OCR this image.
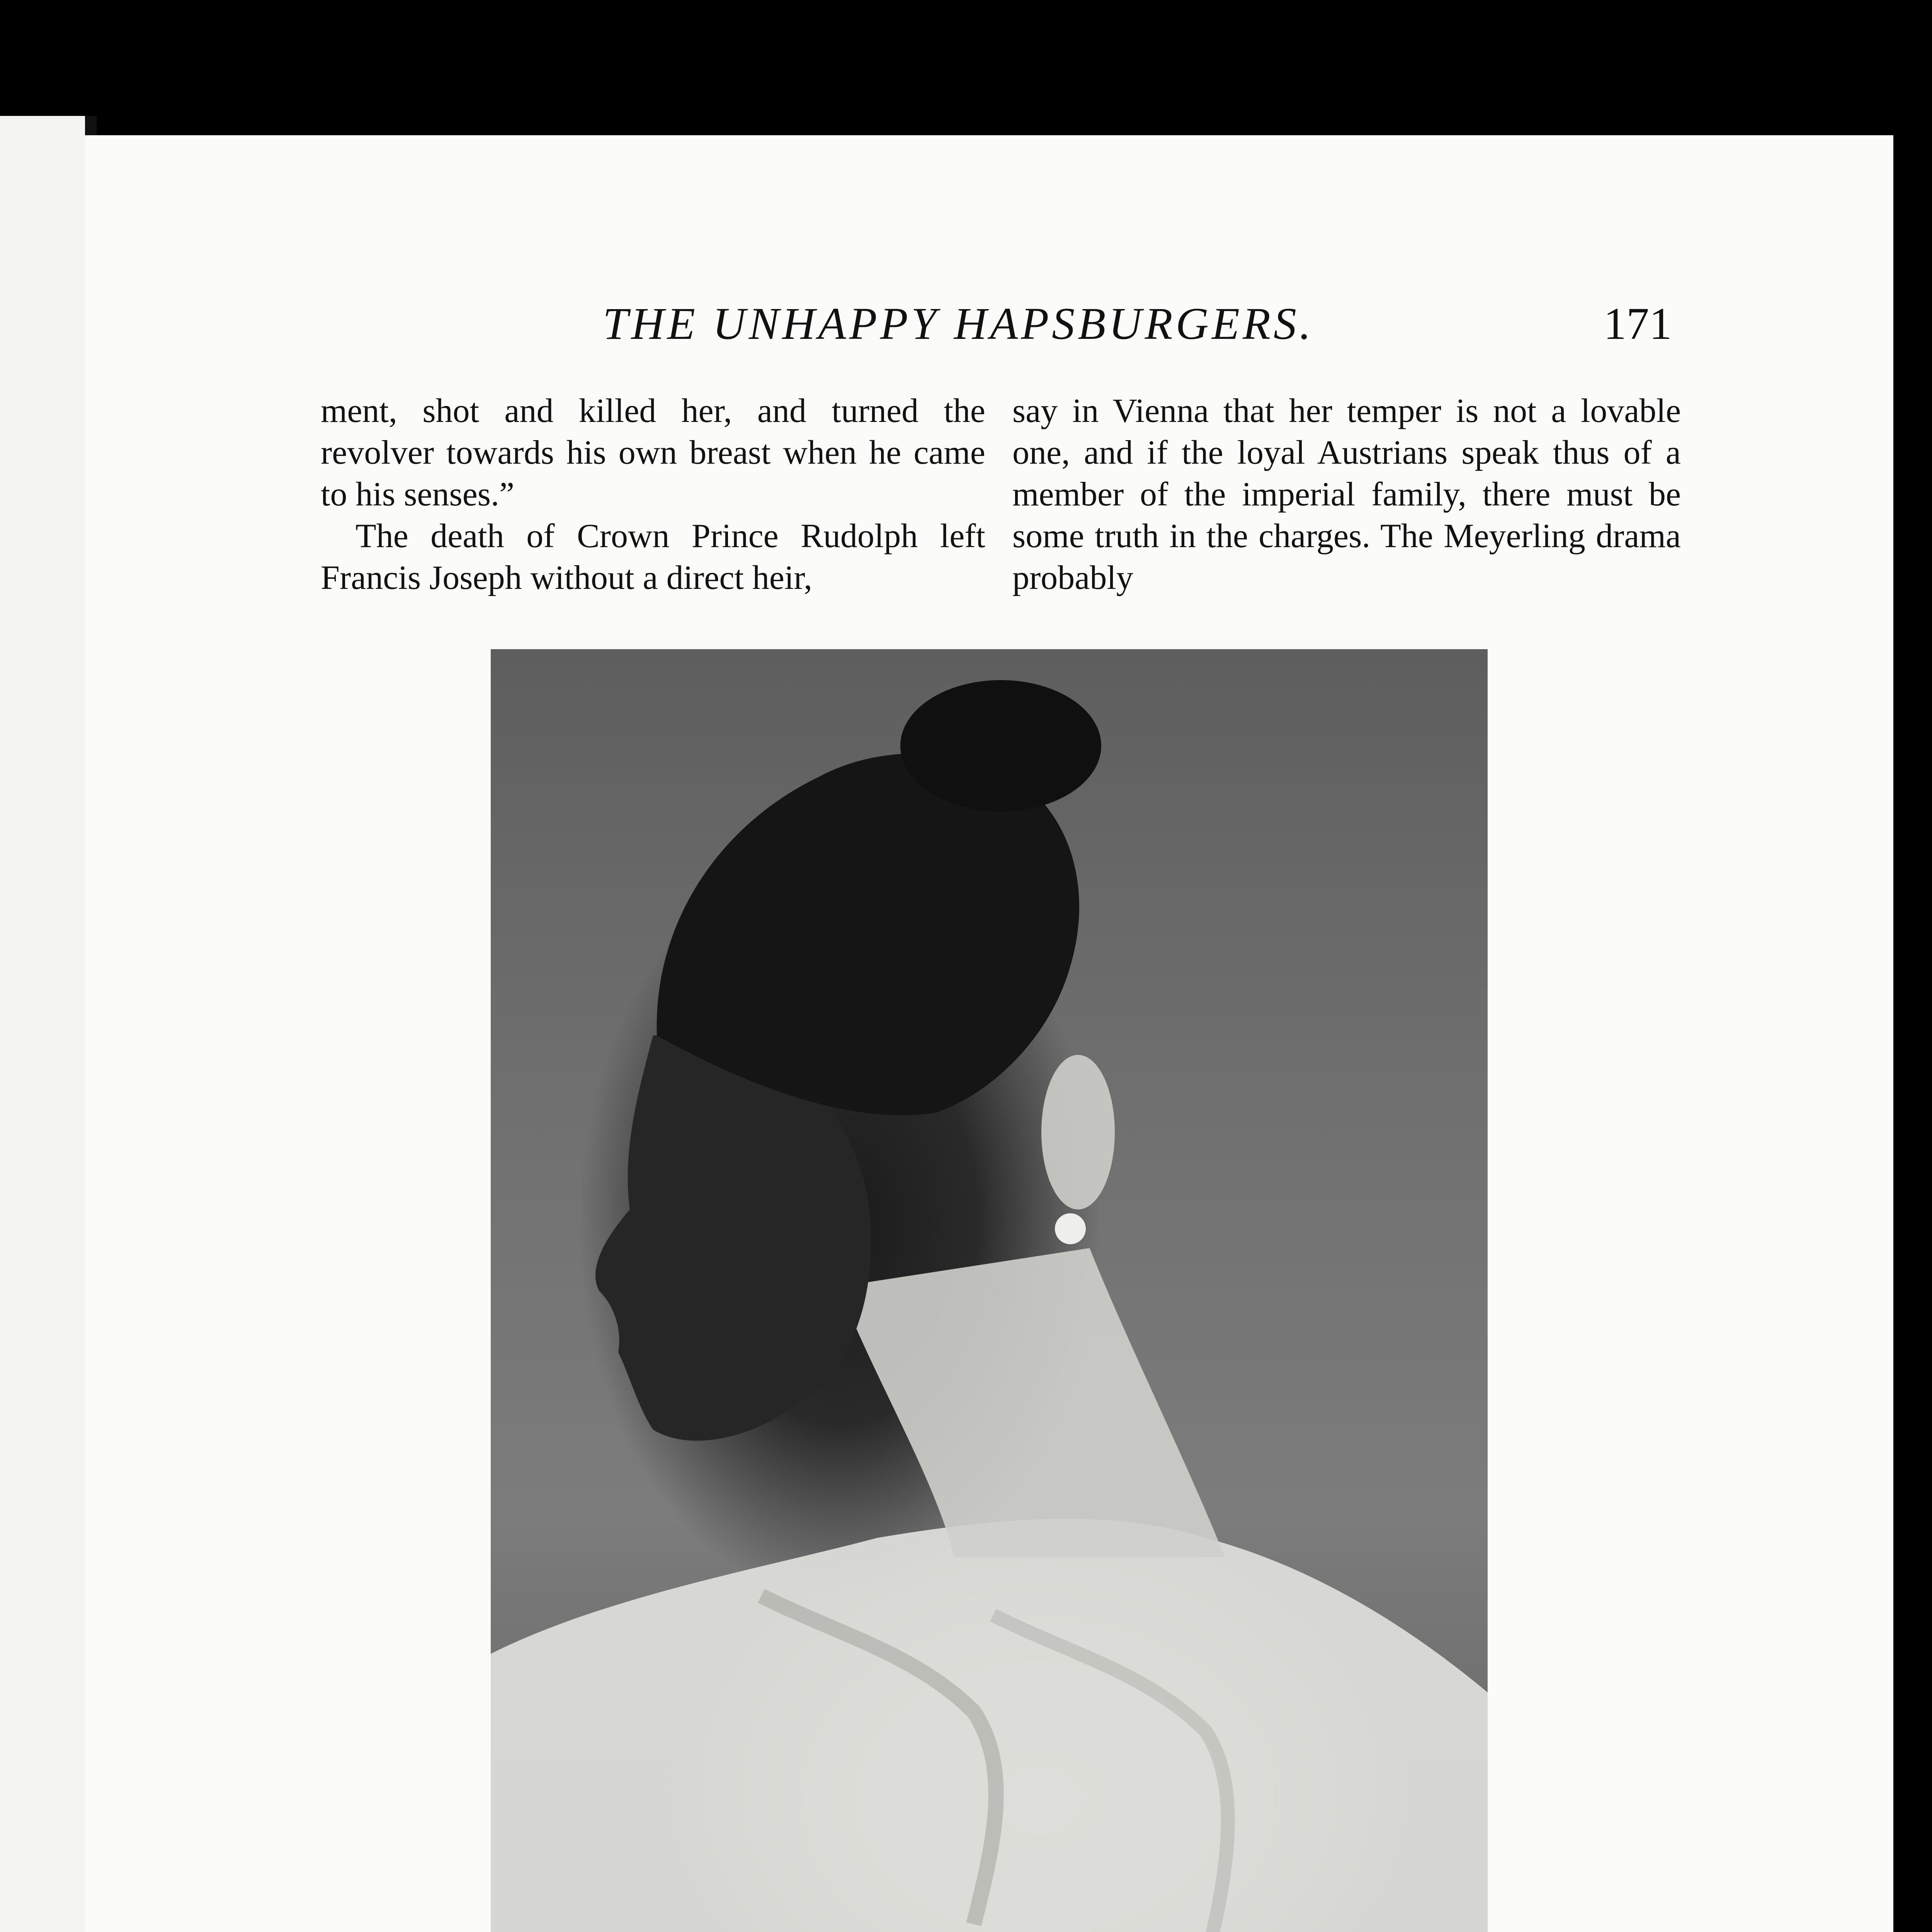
THE UNHAPPY HAPSBURGERS.	171

ment, shot and killed her, and turned the revolver towards his own breast when he came to his senses.”

The death of Crown Prince Rudolph left Francis Joseph without a direct heir,

say in Vienna that her temper is not a lovable one, and if the loyal Austrians speak thus of a member of the imperial family, there must be some truth in the charges. The Meyerling drama probably
